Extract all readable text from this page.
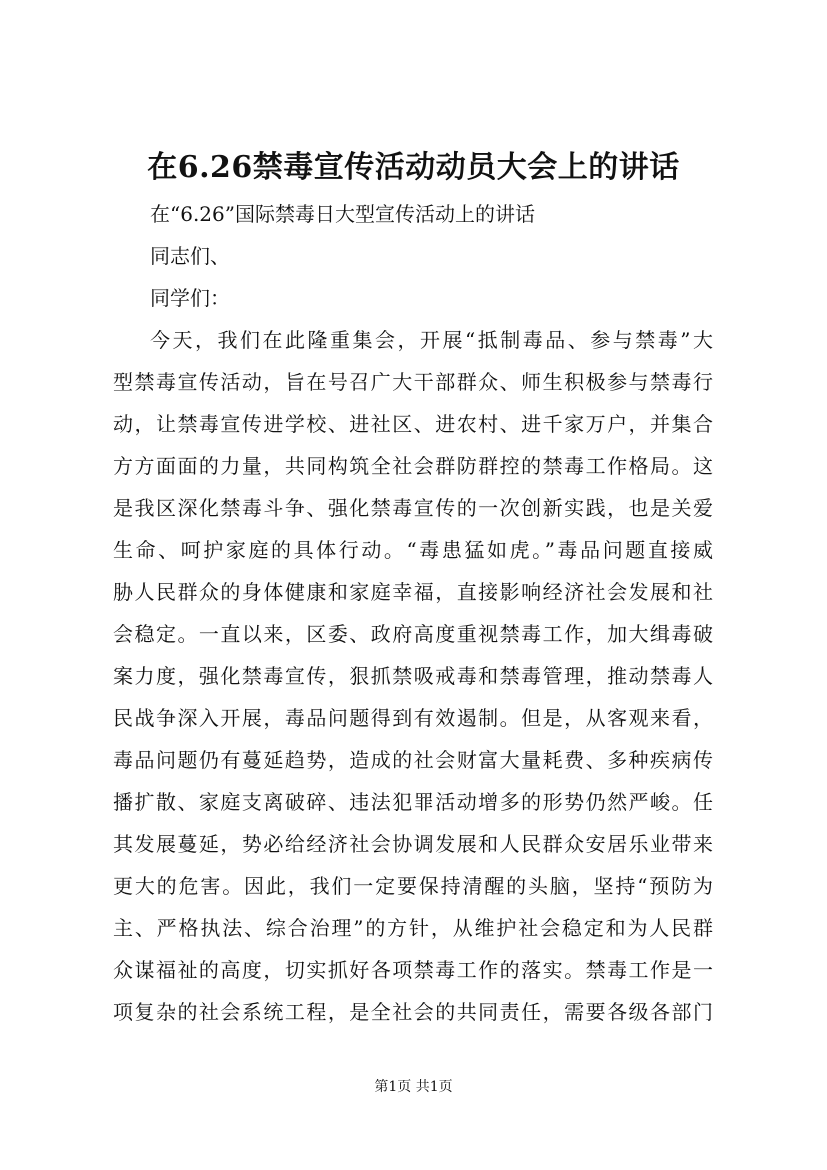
在6.26禁毒宣传活动动员大会上的讲话
在“6.26”国际禁毒日大型宣传活动上的讲话
同志们、
同学们：
今天，我们在此隆重集会，开展“抵制毒品、参与禁毒”大
型禁毒宣传活动，旨在号召广大干部群众、师生积极参与禁毒行
动，让禁毒宣传进学校、进社区、进农村、进千家万户，并集合
方方面面的力量，共同构筑全社会群防群控的禁毒工作格局。这
是我区深化禁毒斗争、强化禁毒宣传的一次创新实践，也是关爱
生命、呵护家庭的具体行动。“毒患猛如虎。”毒品问题直接威
胁人民群众的身体健康和家庭幸福，直接影响经济社会发展和社
会稳定。一直以来，区委、政府高度重视禁毒工作，加大缉毒破
案力度，强化禁毒宣传，狠抓禁吸戒毒和禁毒管理，推动禁毒人
民战争深入开展，毒品问题得到有效遏制。但是，从客观来看，
毒品问题仍有蔓延趋势，造成的社会财富大量耗费、多种疾病传
播扩散、家庭支离破碎、违法犯罪活动增多的形势仍然严峻。任
其发展蔓延，势必给经济社会协调发展和人民群众安居乐业带来
更大的危害。因此，我们一定要保持清醒的头脑，坚持“预防为
主、严格执法、综合治理”的方针，从维护社会稳定和为人民群
众谋福祉的高度，切实抓好各项禁毒工作的落实。禁毒工作是一
项复杂的社会系统工程，是全社会的共同责任，需要各级各部门
第1页 共1页
